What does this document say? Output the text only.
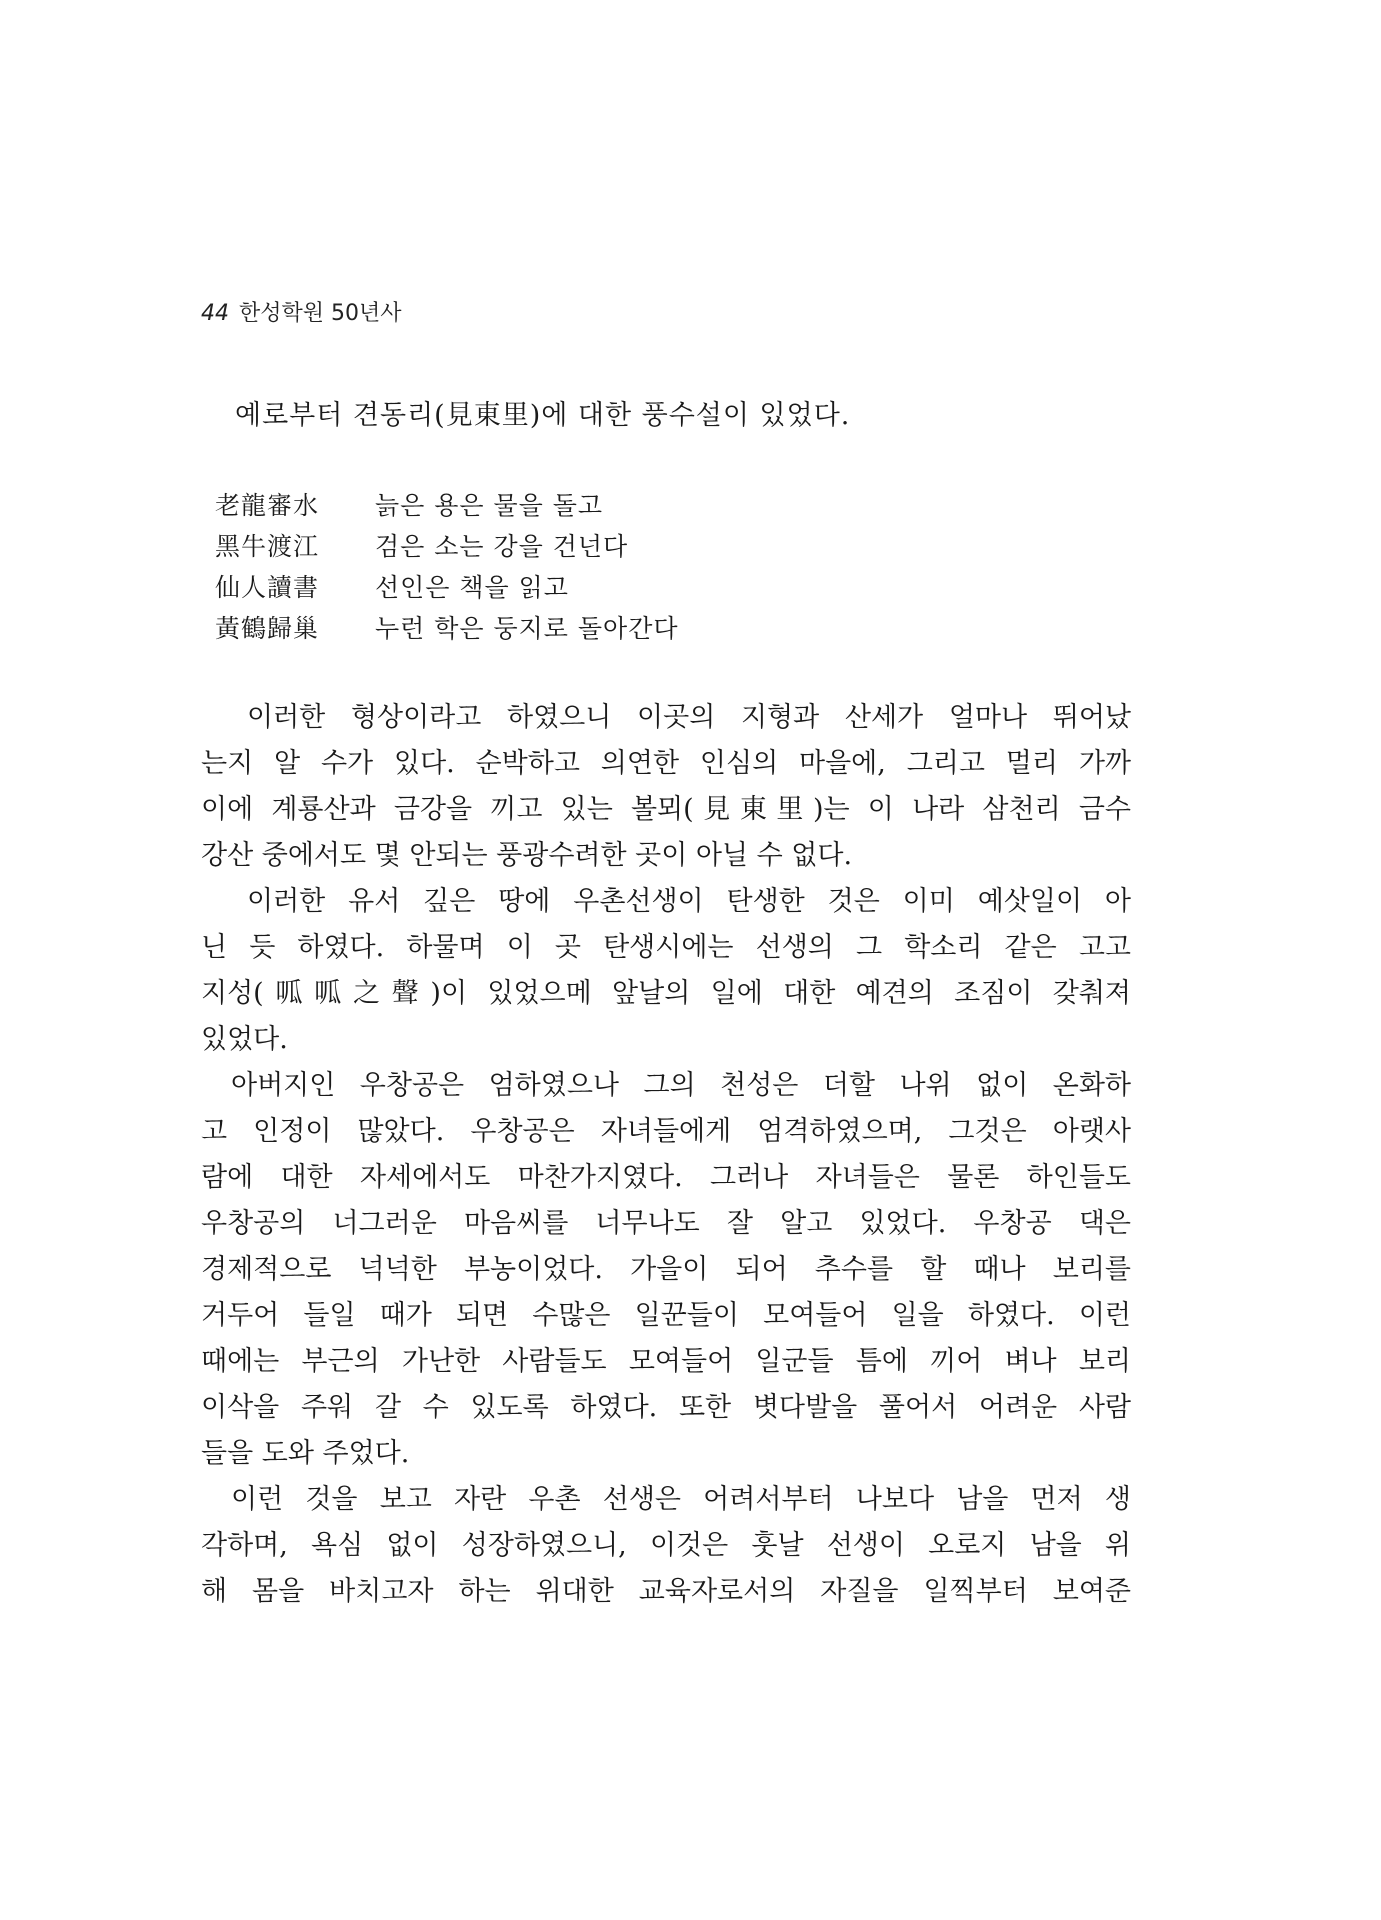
44 한성학원 50년사
예로부터 견동리(見東里)에 대한 풍수설이 있었다.
老龍審水	늙은 용은 물을 돌고
黑牛渡江	검은 소는 강을 건넌다
仙人讀書	선인은 책을 읽고
黃鶴歸巢	누런 학은 둥지로 돌아간다
이러한 형상이라고 하였으니 이곳의 지형과 산세가 얼마나 뛰어났
는지 알 수가 있다. 순박하고 의연한 인심의 마을에, 그리고 멀리 가까
이에 계룡산과 금강을 끼고 있는 볼뫼(見東里)는 이 나라 삼천리 금수
강산 중에서도 몇 안되는 풍광수려한 곳이 아닐 수 없다.
이러한 유서 깊은 땅에 우촌선생이 탄생한 것은 이미 예삿일이 아
닌 듯 하였다. 하물며 이 곳 탄생시에는 선생의 그 학소리 같은 고고
지성(呱呱之聲)이 있었으메 앞날의 일에 대한 예견의 조짐이 갖춰져
있었다.
아버지인 우창공은 엄하였으나 그의 천성은 더할 나위 없이 온화하
고 인정이 많았다. 우창공은 자녀들에게 엄격하였으며, 그것은 아랫사
람에 대한 자세에서도 마찬가지였다. 그러나 자녀들은 물론 하인들도
우창공의 너그러운 마음씨를 너무나도 잘 알고 있었다. 우창공 댁은
경제적으로 넉넉한 부농이었다. 가을이 되어 추수를 할 때나 보리를
거두어 들일 때가 되면 수많은 일꾼들이 모여들어 일을 하였다. 이런
때에는 부근의 가난한 사람들도 모여들어 일군들 틈에 끼어 벼나 보리
이삭을 주워 갈 수 있도록 하였다. 또한 볏다발을 풀어서 어려운 사람
들을 도와 주었다.
이런 것을 보고 자란 우촌 선생은 어려서부터 나보다 남을 먼저 생
각하며, 욕심 없이 성장하였으니, 이것은 훗날 선생이 오로지 남을 위
해 몸을 바치고자 하는 위대한 교육자로서의 자질을 일찍부터 보여준
